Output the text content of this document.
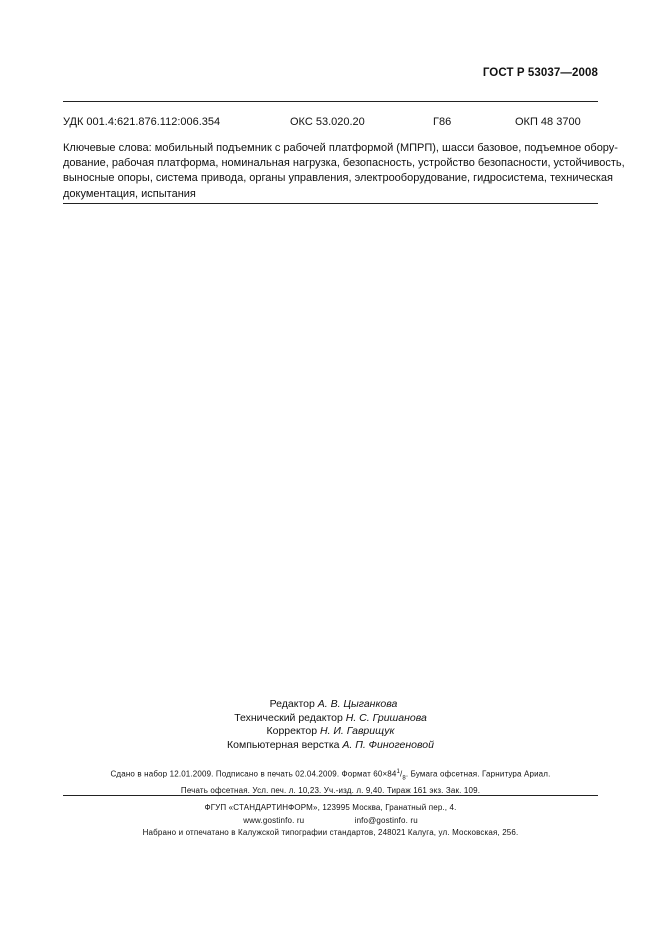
ГОСТ Р 53037—2008
УДК 001.4:621.876.112:006.354	ОКС 53.020.20	Г86	ОКП 48 3700
Ключевые слова: мобильный подъемник с рабочей платформой (МПРП), шасси базовое, подъемное обору-
дование, рабочая платформа, номинальная нагрузка, безопасность, устройство безопасности, устойчивость,
выносные опоры, система привода, органы управления, электрооборудование, гидросистема, техническая
документация, испытания
Редактор А. В. Цыганкова
Технический редактор Н. С. Гришанова
Корректор Н. И. Гаврищук
Компьютерная верстка А. П. Финогеновой
Сдано в набор 12.01.2009. Подписано в печать 02.04.2009. Формат $60\times 84^1/_8$. Бумага офсетная. Гарнитура Ариал.
Печать офсетная. Усл. печ. л. 10,23. Уч.-изд. л. 9,40. Тираж 161 экз. Зак. 109.
ФГУП «СТАНДАРТИНФОРМ», 123995 Москва, Гранатный пер., 4.
www.gostinfo. ru	info@gostinfo. ru
Набрано и отпечатано в Калужской типографии стандартов, 248021 Калуга, ул. Московская, 256.
